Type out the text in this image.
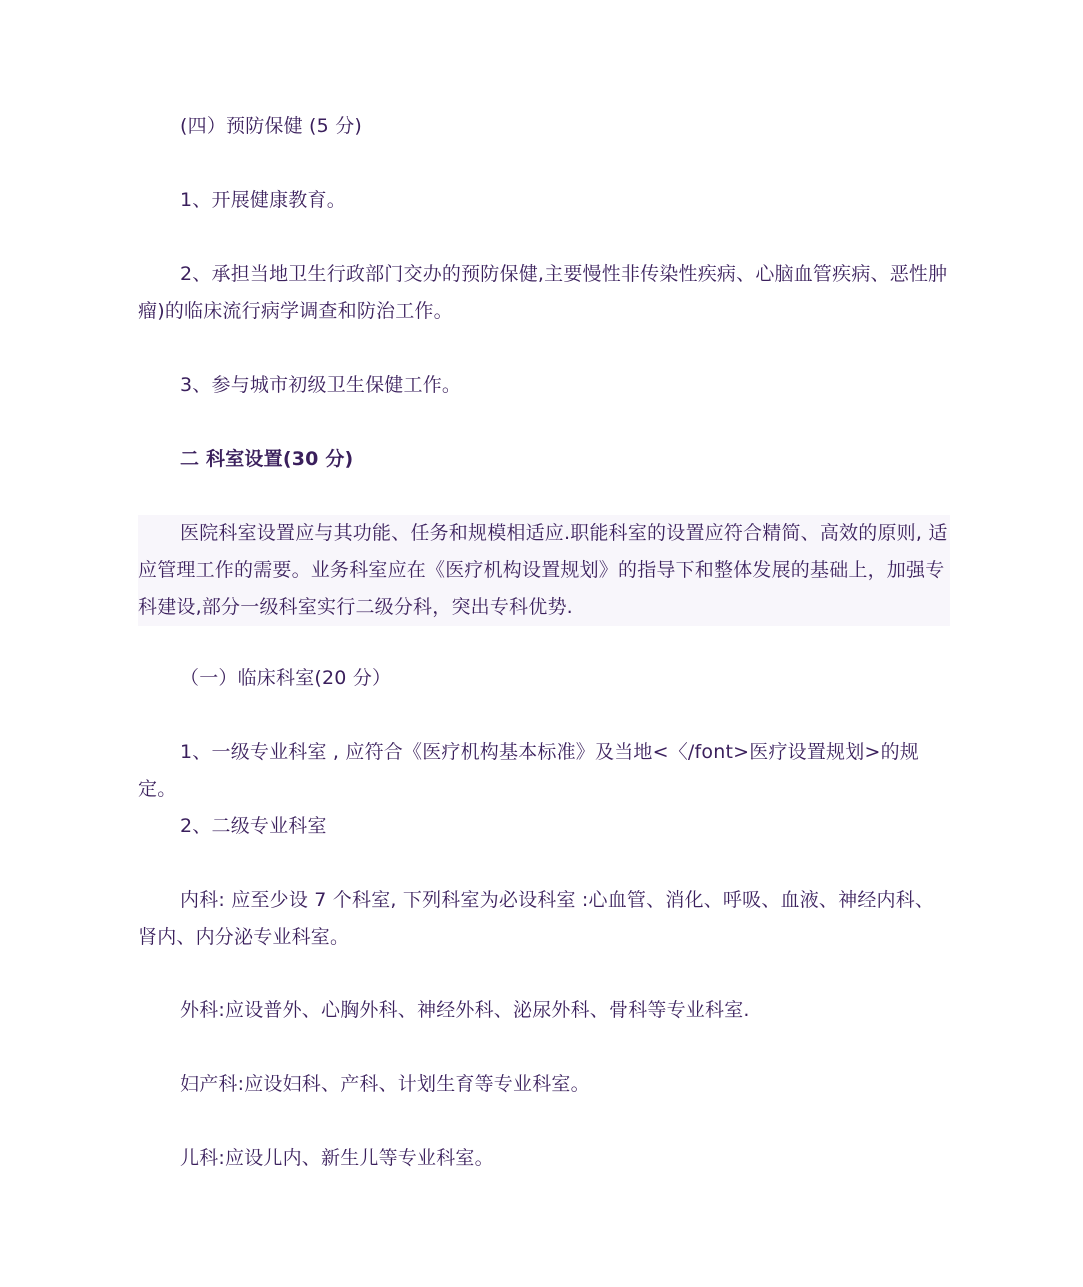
(四）预防保健 (5 分)

1、开展健康教育。

2、承担当地卫生行政部门交办的预防保健,主要慢性非传染性疾病、心脑血管疾病、恶性肿瘤)的临床流行病学调查和防治工作。

3、参与城市初级卫生保健工作。

二 科室设置(30 分)

医院科室设置应与其功能、任务和规模相适应.职能科室的设置应符合精简、高效的原则, 适应管理工作的需要。业务科室应在《医疗机构设置规划》的指导下和整体发展的基础上，加强专科建设,部分一级科室实行二级分科，突出专科优势.

（一）临床科室(20 分）

1、一级专业科室 , 应符合《医疗机构基本标准》及当地<〈/font>医疗设置规划>的规定。

2、二级专业科室

内科: 应至少设 7 个科室, 下列科室为必设科室 :心血管、消化、呼吸、血液、神经内科、肾内、内分泌专业科室。

外科:应设普外、心胸外科、神经外科、泌尿外科、骨科等专业科室.

妇产科:应设妇科、产科、计划生育等专业科室。

儿科:应设儿内、新生儿等专业科室。
